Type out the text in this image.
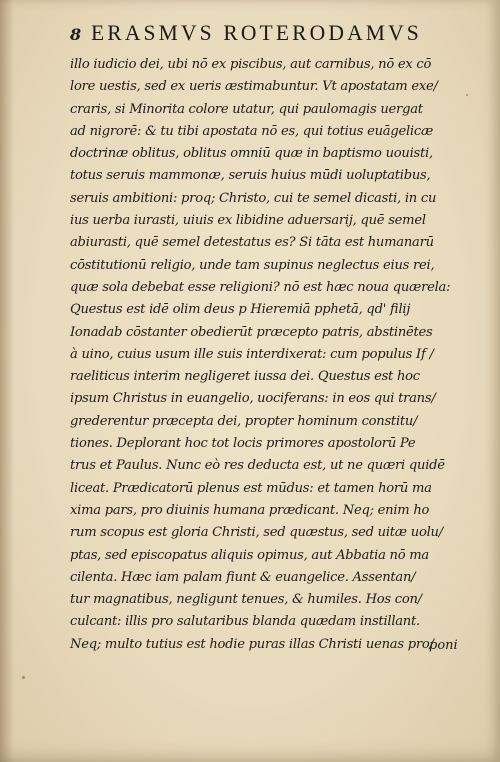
8 ERASMVS ROTERODAMVS
illo iudicio dei, ubi nō ex piscibus, aut carnibus, nō ex cō
lore uestis, sed ex ueris æstimabuntur. Vt apostatam exe/
craris, si Minorita colore utatur, qui paulomagis uergat
ad nigrorē: & tu tibi apostata nō es, qui totius euāgelicæ
doctrinæ oblitus, oblitus omniū quæ in baptismo uouisti,
totus seruis mammonæ, seruis huius mūdi uoluptatibus,
seruis ambitioni: proq; Christo, cui te semel dicasti, in cu
ius uerba iurasti, uiuis ex libidine aduersarij, quē semel
abiurasti, quē semel detestatus es? Si tāta est humanarū
cōstitutionū religio, unde tam supinus neglectus eius rei,
quæ sola debebat esse religioni? nō est hæc noua quærela:
Questus est idē olim deus p Hieremiā pphetā, qd' filij
Ionadab cōstanter obedierūt præcepto patris, abstinētes
à uino, cuius usum ille suis interdixerat: cum populus If /
raeliticus interim negligeret iussa dei. Questus est hoc
ipsum Christus in euangelio, uociferans: in eos qui trans/
grederentur præcepta dei, propter hominum constitu/
tiones. Deplorant hoc tot locis primores apostolorū Pe
trus et Paulus. Nunc eò res deducta est, ut ne quæri quidē
liceat. Prædicatorū plenus est mūdus: et tamen horū ma
xima pars, pro diuinis humana prædicant. Neq; enim ho
rum scopus est gloria Christi, sed quæstus, sed uitæ uolu/
ptas, sed episcopatus aliquis opimus, aut Abbatia nō ma
cilenta. Hæc iam palam fiunt & euangelice. Assentan/
tur magnatibus, negligunt tenues, & humiles. Hos con/
culcant: illis pro salutaribus blanda quædam instillant.
Neq; multo tutius est hodie puras illas Christi uenas pro/
poni
